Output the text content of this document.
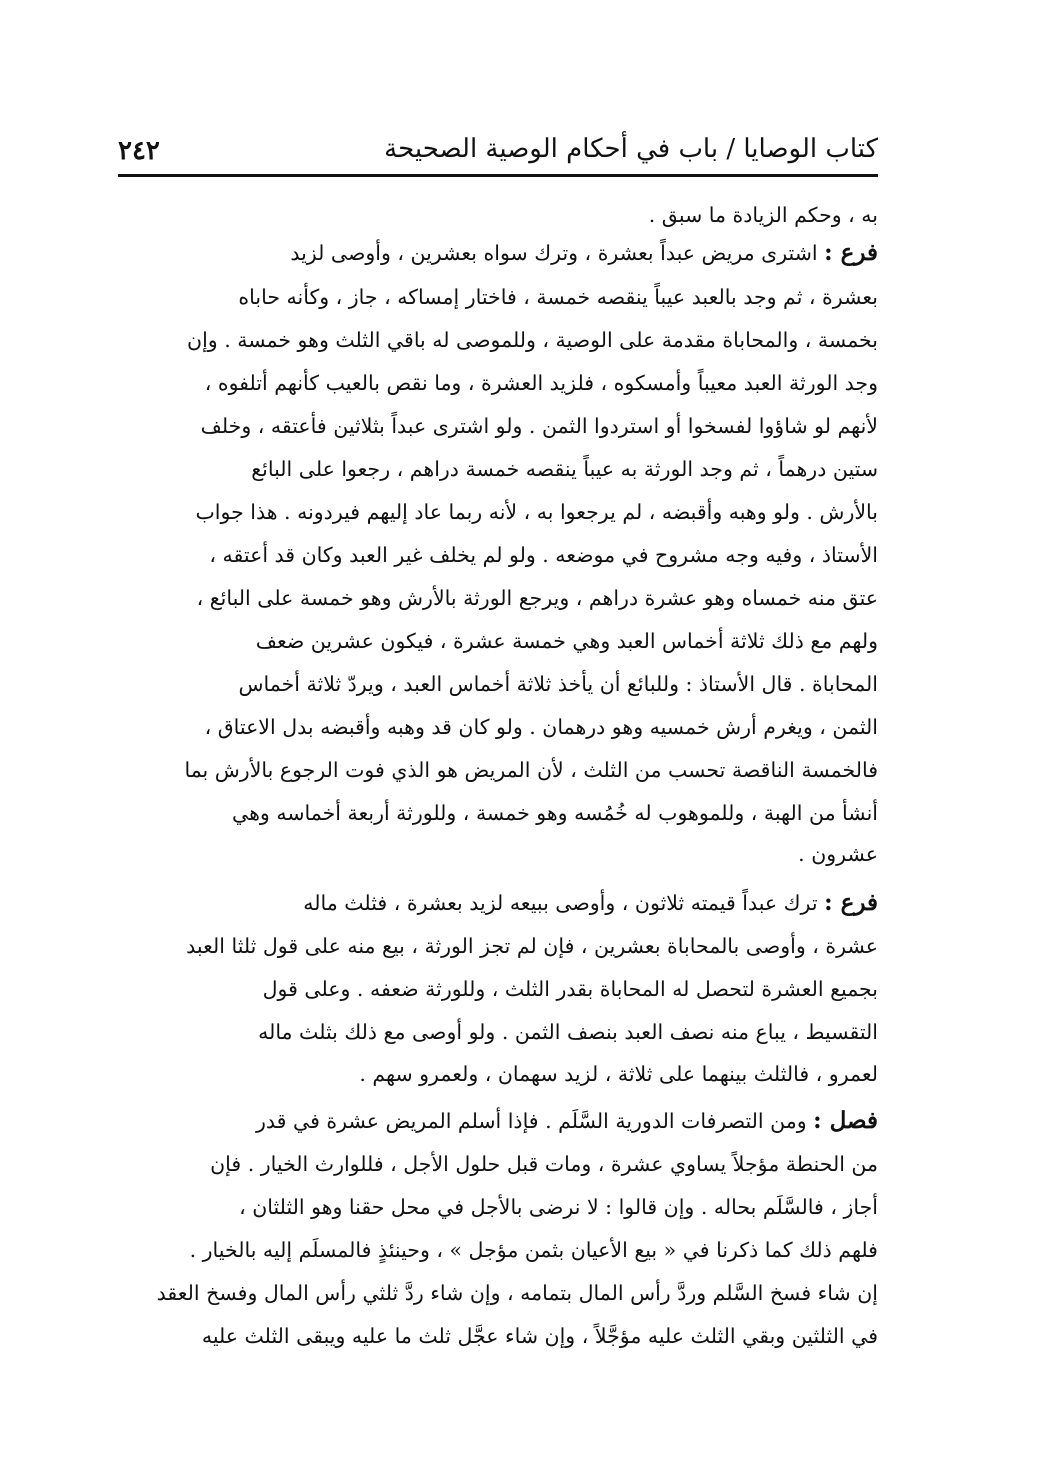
٢٤٢	كتاب الوصايا / باب في أحكام الوصية الصحيحة
به ، وحكم الزيادة ما سبق .
فرع : اشترى مريض عبداً بعشرة ، وترك سواه بعشرين ، وأوصى لزيد
بعشرة ، ثم وجد بالعبد عيباً ينقصه خمسة ، فاختار إمساكه ، جاز ، وكأنه حاباه
بخمسة ، والمحاباة مقدمة على الوصية ، وللموصى له باقي الثلث وهو خمسة . وإن
وجد الورثة العبد معيباً وأمسكوه ، فلزيد العشرة ، وما نقص بالعيب كأنهم أتلفوه ،
لأنهم لو شاؤوا لفسخوا أو استردوا الثمن . ولو اشترى عبداً بثلاثين فأعتقه ، وخلف
ستين درهماً ، ثم وجد الورثة به عيباً ينقصه خمسة دراهم ، رجعوا على البائع
بالأرش . ولو وهبه وأقبضه ، لم يرجعوا به ، لأنه ربما عاد إليهم فيردونه . هذا جواب
الأستاذ ، وفيه وجه مشروح في موضعه . ولو لم يخلف غير العبد وكان قد أعتقه ،
عتق منه خمساه وهو عشرة دراهم ، ويرجع الورثة بالأرش وهو خمسة على البائع ،
ولهم مع ذلك ثلاثة أخماس العبد وهي خمسة عشرة ، فيكون عشرين ضعف
المحاباة . قال الأستاذ : وللبائع أن يأخذ ثلاثة أخماس العبد ، ويردّ ثلاثة أخماس
الثمن ، ويغرم أرش خمسيه وهو درهمان . ولو كان قد وهبه وأقبضه بدل الاعتاق ،
فالخمسة الناقصة تحسب من الثلث ، لأن المريض هو الذي فوت الرجوع بالأرش بما
أنشأ من الهبة ، وللموهوب له خُمُسه وهو خمسة ، وللورثة أربعة أخماسه وهي
عشرون .
فرع : ترك عبداً قيمته ثلاثون ، وأوصى ببيعه لزيد بعشرة ، فثلث ماله
عشرة ، وأوصى بالمحاباة بعشرين ، فإن لم تجز الورثة ، بيع منه على قول ثلثا العبد
بجميع العشرة لتحصل له المحاباة بقدر الثلث ، وللورثة ضعفه . وعلى قول
التقسيط ، يباع منه نصف العبد بنصف الثمن . ولو أوصى مع ذلك بثلث ماله
لعمرو ، فالثلث بينهما على ثلاثة ، لزيد سهمان ، ولعمرو سهم .
فصل : ومن التصرفات الدورية السَّلَم . فإذا أسلم المريض عشرة في قدر
من الحنطة مؤجلاً يساوي عشرة ، ومات قبل حلول الأجل ، فللوارث الخيار . فإن
أجاز ، فالسَّلَم بحاله . وإن قالوا : لا نرضى بالأجل في محل حقنا وهو الثلثان ،
فلهم ذلك كما ذكرنا في « بيع الأعيان بثمن مؤجل » ، وحينئذٍ فالمسلَم إليه بالخيار .
إن شاء فسخ السَّلم وردَّ رأس المال بتمامه ، وإن شاء ردَّ ثلثي رأس المال وفسخ العقد
في الثلثين وبقي الثلث عليه مؤجَّلاً ، وإن شاء عجَّل ثلث ما عليه ويبقى الثلث عليه
